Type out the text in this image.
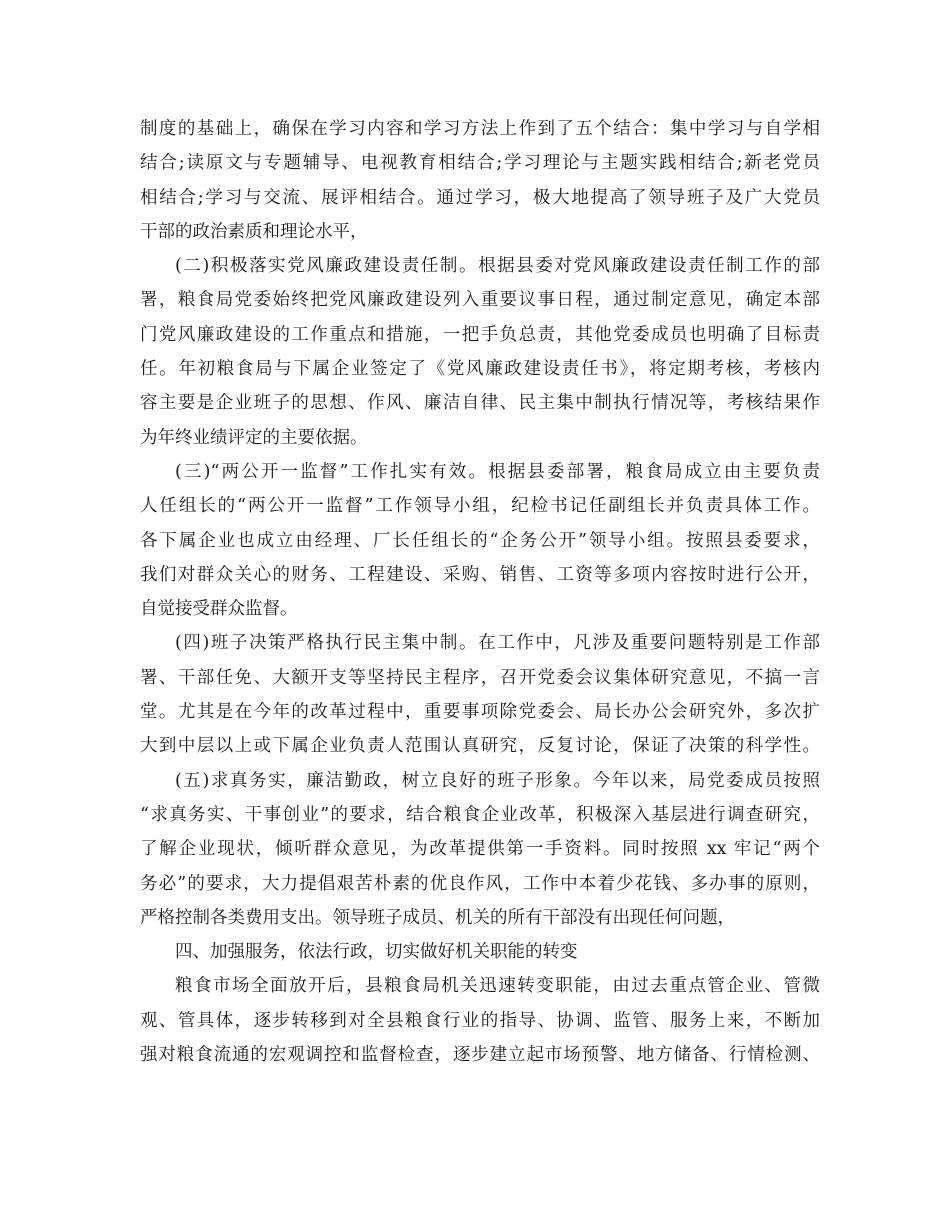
制度的基础上，确保在学习内容和学习方法上作到了五个结合：集中学习与自学相
结合;读原文与专题辅导、电视教育相结合;学习理论与主题实践相结合;新老党员
相结合;学习与交流、展评相结合。通过学习，极大地提高了领导班子及广大党员
干部的政治素质和理论水平，
(二)积极落实党风廉政建设责任制。根据县委对党风廉政建设责任制工作的部
署，粮食局党委始终把党风廉政建设列入重要议事日程，通过制定意见，确定本部
门党风廉政建设的工作重点和措施，一把手负总责，其他党委成员也明确了目标责
任。年初粮食局与下属企业签定了《党风廉政建设责任书》，将定期考核，考核内
容主要是企业班子的思想、作风、廉洁自律、民主集中制执行情况等，考核结果作
为年终业绩评定的主要依据。
(三)“两公开一监督”工作扎实有效。根据县委部署，粮食局成立由主要负责
人任组长的“两公开一监督”工作领导小组，纪检书记任副组长并负责具体工作。
各下属企业也成立由经理、厂长任组长的“企务公开”领导小组。按照县委要求，
我们对群众关心的财务、工程建设、采购、销售、工资等多项内容按时进行公开，
自觉接受群众监督。
(四)班子决策严格执行民主集中制。在工作中，凡涉及重要问题特别是工作部
署、干部任免、大额开支等坚持民主程序，召开党委会议集体研究意见，不搞一言
堂。尤其是在今年的改革过程中，重要事项除党委会、局长办公会研究外，多次扩
大到中层以上或下属企业负责人范围认真研究，反复讨论，保证了决策的科学性。
(五)求真务实，廉洁勤政，树立良好的班子形象。今年以来，局党委成员按照
“求真务实、干事创业”的要求，结合粮食企业改革，积极深入基层进行调查研究，
了解企业现状，倾听群众意见，为改革提供第一手资料。同时按照 xx 牢记“两个
务必”的要求，大力提倡艰苦朴素的优良作风，工作中本着少花钱、多办事的原则，
严格控制各类费用支出。领导班子成员、机关的所有干部没有出现任何问题，
四、加强服务，依法行政，切实做好机关职能的转变
粮食市场全面放开后，县粮食局机关迅速转变职能，由过去重点管企业、管微
观、管具体，逐步转移到对全县粮食行业的指导、协调、监管、服务上来，不断加
强对粮食流通的宏观调控和监督检查，逐步建立起市场预警、地方储备、行情检测、
